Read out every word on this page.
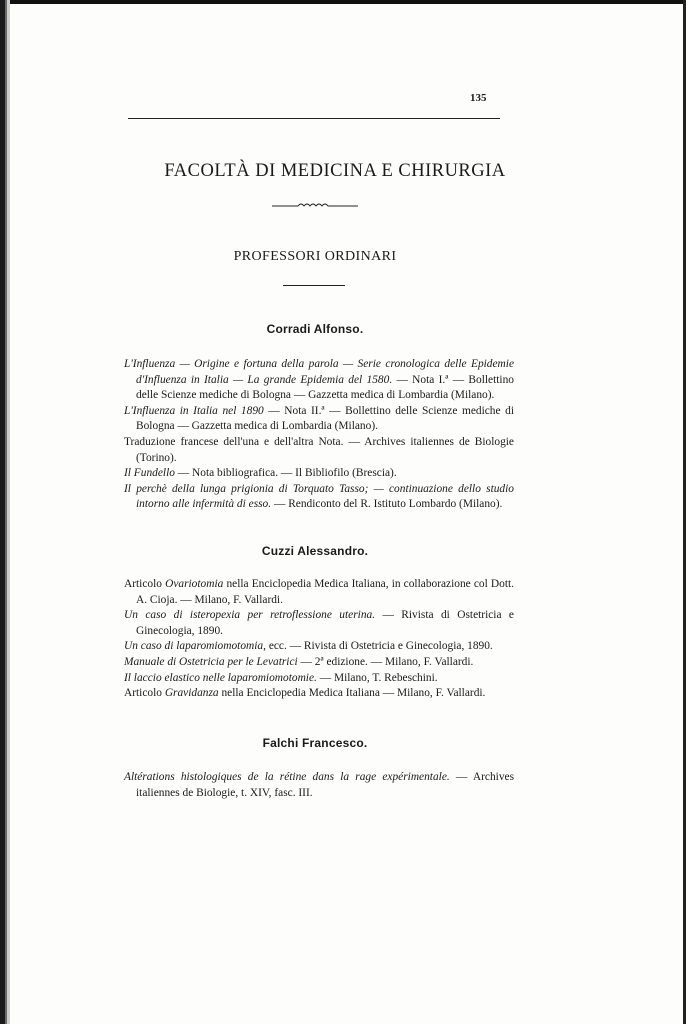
135
FACOLTÀ DI MEDICINA E CHIRURGIA
PROFESSORI ORDINARI
Corradi Alfonso.
L'Influenza — Origine e fortuna della parola — Serie cronologica delle Epidemie d'Influenza in Italia — La grande Epidemia del 1580. — Nota I.ª — Bollettino delle Scienze mediche di Bologna — Gazzetta medica di Lombardia (Milano).
L'Influenza in Italia nel 1890 — Nota II.ª — Bollettino delle Scienze mediche di Bologna — Gazzetta medica di Lombardia (Milano).
Traduzione francese dell'una e dell'altra Nota. — Archives italiennes de Biologie (Torino).
Il Fundello — Nota bibliografica. — Il Bibliofilo (Brescia).
Il perchè della lunga prigionia di Torquato Tasso; — continuazione dello studio intorno alle infermità di esso. — Rendiconto del R. Istituto Lombardo (Milano).
Cuzzi Alessandro.
Articolo Ovariotomia nella Enciclopedia Medica Italiana, in collaborazione col Dott. A. Cioja. — Milano, F. Vallardi.
Un caso di isteropexia per retroflessione uterina. — Rivista di Ostetricia e Ginecologia, 1890.
Un caso di laparomiomotomia, ecc. — Rivista di Ostetricia e Ginecologia, 1890.
Manuale di Ostetricia per le Levatrici — 2ª edizione. — Milano, F. Vallardi.
Il laccio elastico nelle laparomiomotomie. — Milano, T. Rebeschini.
Articolo Gravidanza nella Enciclopedia Medica Italiana — Milano, F. Vallardi.
Falchi Francesco.
Altérations histologiques de la rétine dans la rage expérimentale. — Archives italiennes de Biologie, t. XIV, fasc. III.
